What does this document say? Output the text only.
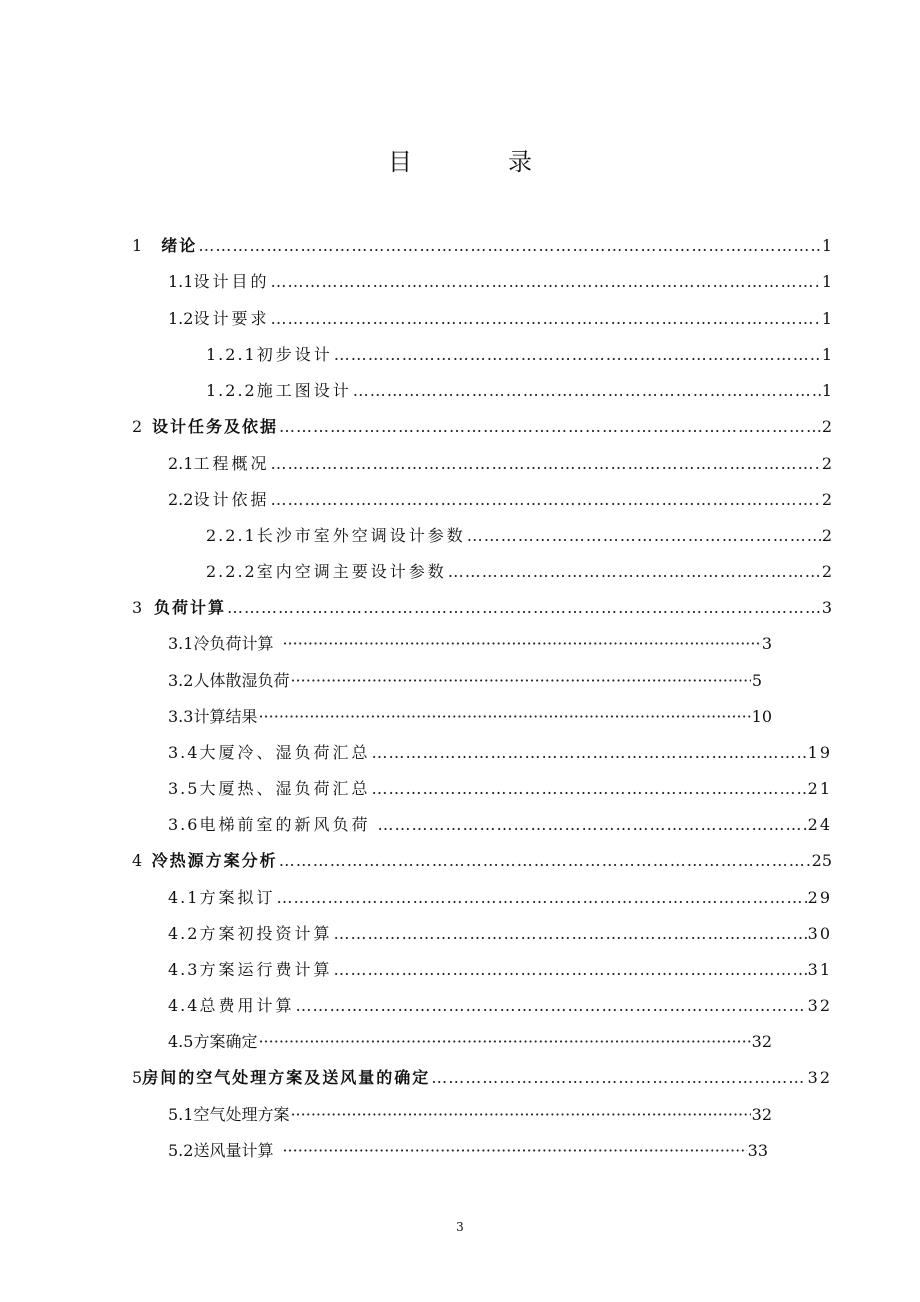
目　录
1	绪论 …………………………………………………………………………………………………………………………………………………………………………………………	1
1.1 设计目的 …………………………………………………………………………………………………………………………………………………………………………………………	1
1.2 设计要求 …………………………………………………………………………………………………………………………………………………………………………………………	1
1.2.1 初步设计 …………………………………………………………………………………………………………………………………………………………………………………………	1
1.2.2 施工图设计 …………………………………………………………………………………………………………………………………………………………………………………………	1
2 设计任务及依据 …………………………………………………………………………………………………………………………………………………………………………………………	2
2.1 工程概况 …………………………………………………………………………………………………………………………………………………………………………………………	2
2.2 设计依据 …………………………………………………………………………………………………………………………………………………………………………………………	2
2.2.1 长沙市室外空调设计参数 …………………………………………………………………………………………………………………………………………………………………………………………	2
2.2.2 室内空调主要设计参数 …………………………………………………………………………………………………………………………………………………………………………………………	2
3 负荷计算 …………………………………………………………………………………………………………………………………………………………………………………………	3
3.1 冷负荷计算 ·····	3
3.2 人体散湿负荷 ·····	5
3.3 计算结果 ·····	10
3.4 大厦冷、湿负荷汇总 …………………………………………………………………………………………………………………………………………………………………………………………	19
3.5 大厦热、湿负荷汇总 …………………………………………………………………………………………………………………………………………………………………………………………	21
3.6 电梯前室的新风负荷 …………………………………………………………………………………………………………………………………………………………………………………………	24
4 冷热源方案分析 …………………………………………………………………………………………………………………………………………………………………………………………	25
4.1 方案拟订 …………………………………………………………………………………………………………………………………………………………………………………………	29
4.2 方案初投资计算 …………………………………………………………………………………………………………………………………………………………………………………………	30
4.3 方案运行费计算 …………………………………………………………………………………………………………………………………………………………………………………………	31
4.4 总费用计算 …………………………………………………………………………………………………………………………………………………………………………………………	32
4.5 方案确定 ·····	32
5 房间的空气处理方案及送风量的确定 …………………………………………………………………………………………………………………………………………………………………………………………	32
5.1 空气处理方案 ·····	32
5.2 送风量计算 ·····	33
3
